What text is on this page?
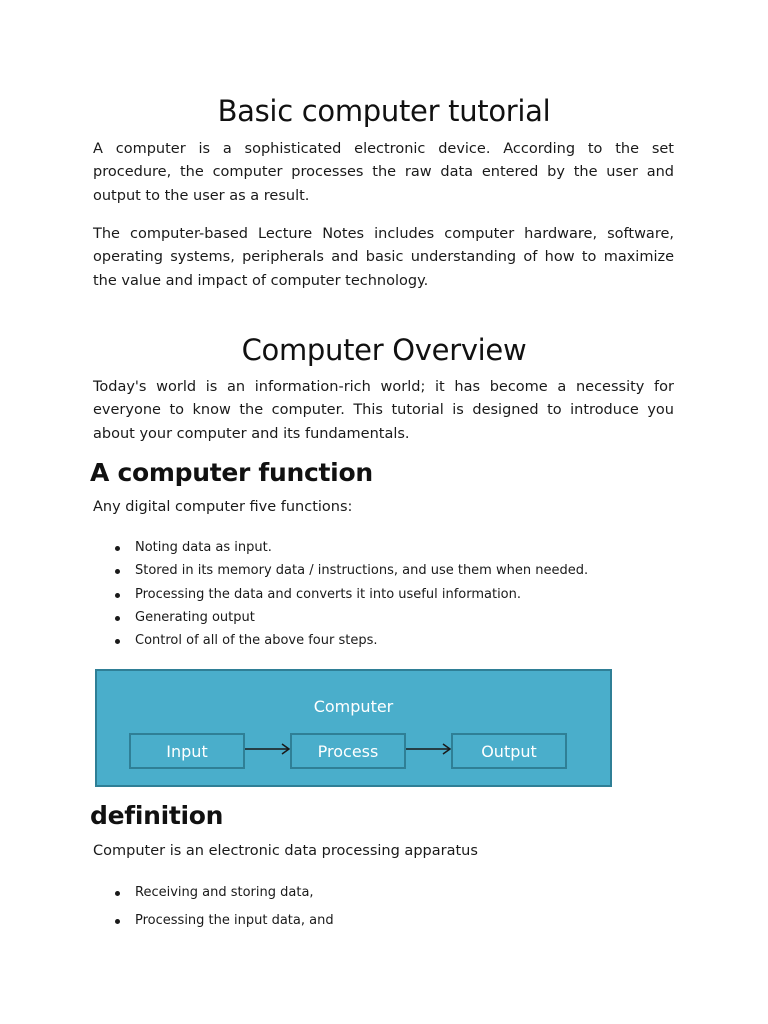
Basic computer tutorial

A computer is a sophisticated electronic device. According to the set procedure, the computer processes the raw data entered by the user and output to the user as a result.

The computer-based Lecture Notes includes computer hardware, software, operating systems, peripherals and basic understanding of how to maximize the value and impact of computer technology.

Computer Overview

Today's world is an information-rich world; it has become a necessity for everyone to know the computer. This tutorial is designed to introduce you about your computer and its fundamentals.

A computer function

Any digital computer five functions:

Noting data as input.
Stored in its memory data / instructions, and use them when needed.
Processing the data and converts it into useful information.
Generating output
Control of all of the above four steps.
Computer
Input	Process	Output
definition

Computer is an electronic data processing apparatus

Receiving and storing data,
Processing the input data, and
